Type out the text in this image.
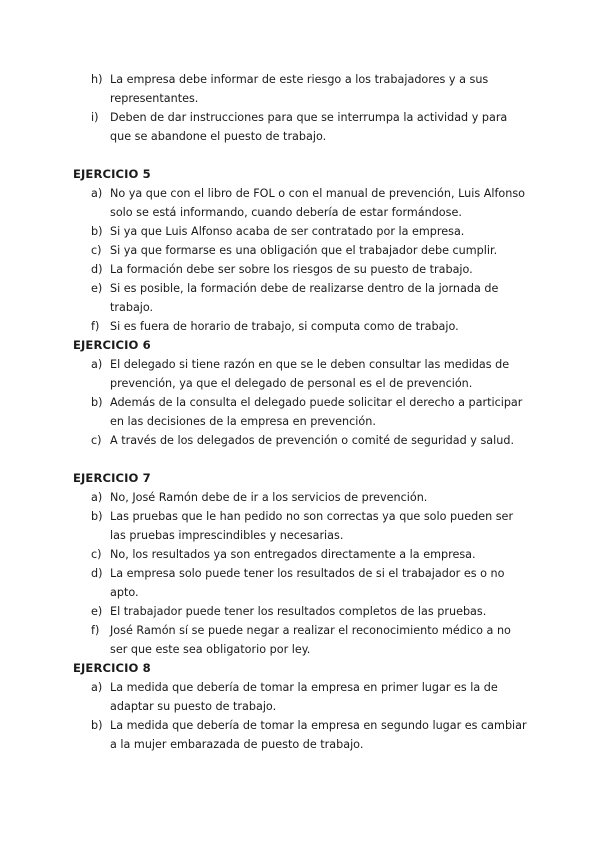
h) La empresa debe informar de este riesgo a los trabajadores y a sus representantes.
i) Deben de dar instrucciones para que se interrumpa la actividad y para que se abandone el puesto de trabajo.
EJERCICIO 5
a) No ya que con el libro de FOL o con el manual de prevención, Luis Alfonso solo se está informando, cuando debería de estar formándose.
b) Si ya que Luis Alfonso acaba de ser contratado por la empresa.
c) Si ya que formarse es una obligación que el trabajador debe cumplir.
d) La formación debe ser sobre los riesgos de su puesto de trabajo.
e) Si es posible, la formación debe de realizarse dentro de la jornada de trabajo.
f) Si es fuera de horario de trabajo, si computa como de trabajo.
EJERCICIO 6
a) El delegado si tiene razón en que se le deben consultar las medidas de prevención, ya que el delegado de personal es el de prevención.
b) Además de la consulta el delegado puede solicitar el derecho a participar en las decisiones de la empresa en prevención.
c) A través de los delegados de prevención o comité de seguridad y salud.
EJERCICIO 7
a) No, José Ramón debe de ir a los servicios de prevención.
b) Las pruebas que le han pedido no son correctas ya que solo pueden ser las pruebas imprescindibles y necesarias.
c) No, los resultados ya son entregados directamente a la empresa.
d) La empresa solo puede tener los resultados de si el trabajador es o no apto.
e) El trabajador puede tener los resultados completos de las pruebas.
f) José Ramón sí se puede negar a realizar el reconocimiento médico a no ser que este sea obligatorio por ley.
EJERCICIO 8
a) La medida que debería de tomar la empresa en primer lugar es la de adaptar su puesto de trabajo.
b) La medida que debería de tomar la empresa en segundo lugar es cambiar a la mujer embarazada de puesto de trabajo.
